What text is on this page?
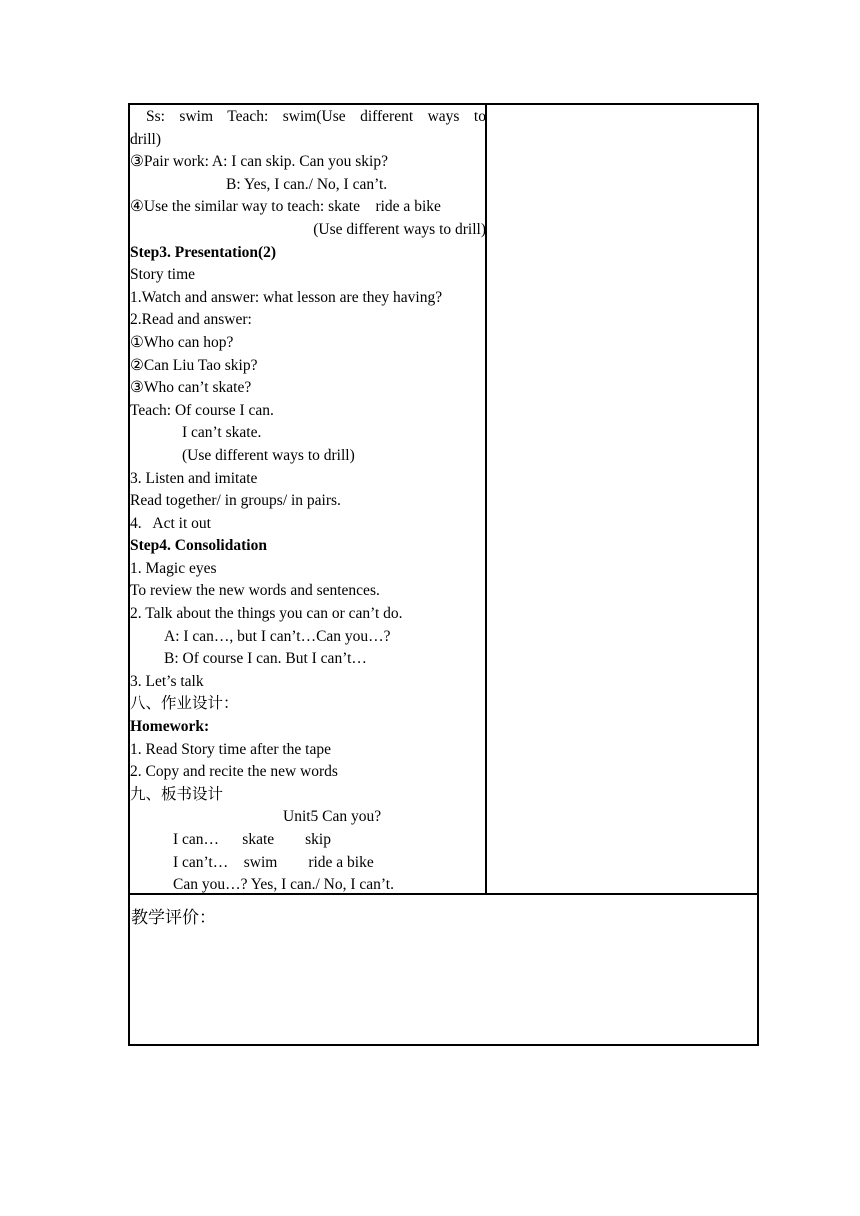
Ss: swim Teach: swim(Use different ways to
drill)
③Pair work: A: I can skip. Can you skip?
B: Yes, I can./ No, I can’t.
④Use the similar way to teach: skate    ride a bike
(Use different ways to drill)
Step3. Presentation(2)
Story time
1.Watch and answer: what lesson are they having?
2.Read and answer:
①Who can hop?
②Can Liu Tao skip?
③Who can’t skate?
Teach: Of course I can.
I can’t skate.
(Use different ways to drill)
3. Listen and imitate
Read together/ in groups/ in pairs.
4.   Act it out
Step4. Consolidation
1. Magic eyes
To review the new words and sentences.
2. Talk about the things you can or can’t do.
A: I can…, but I can’t…Can you…?
B: Of course I can. But I can’t…
3. Let’s talk
八、作业设计：
Homework:
1. Read Story time after the tape
2. Copy and recite the new words
九、板书设计
Unit5 Can you?
I can…      skate        skip
I can’t…    swim        ride a bike
Can you…? Yes, I can./ No, I can’t.
教学评价：
